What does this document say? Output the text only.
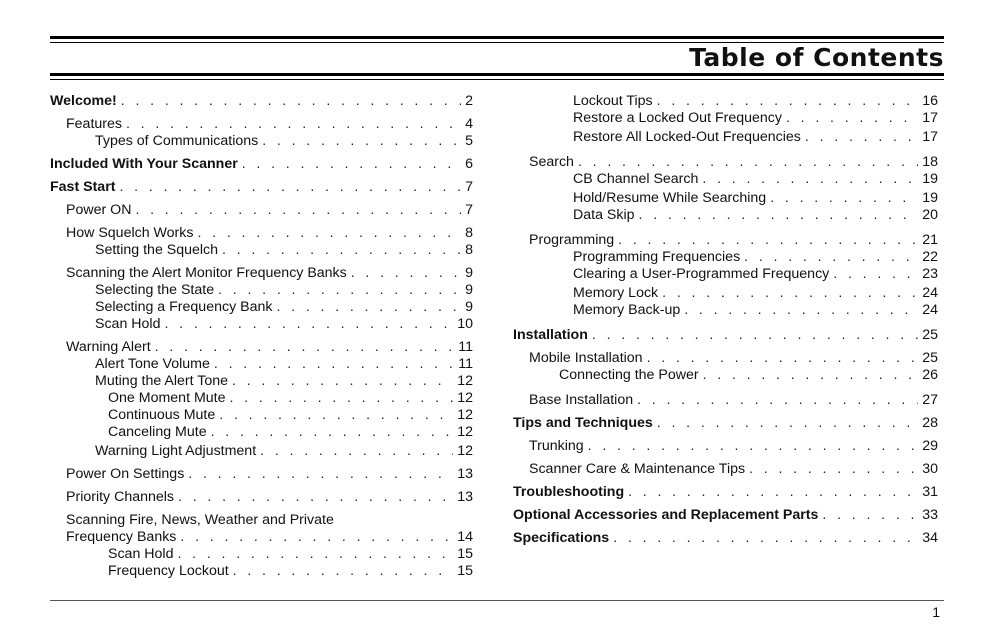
Table of Contents
Welcome! . . .	2
Features . . .	4
Types of Communications . . .	5
Included With Your Scanner . . .	6
Fast Start . . .	7
Power ON . . .	7
How Squelch Works . . .	8
Setting the Squelch . . .	8
Scanning the Alert Monitor Frequency Banks . . .	9
Selecting the State . . .	9
Selecting a Frequency Bank . . .	9
Scan Hold . . .	10
Warning Alert . . .	11
Alert Tone Volume . . .	11
Muting the Alert Tone . . .	12
One Moment Mute . . .	12
Continuous Mute . . .	12
Canceling Mute . . .	12
Warning Light Adjustment . . .	12
Power On Settings . . .	13
Priority Channels . . .	13
Scanning Fire, News, Weather and Private
Frequency Banks . . .	14
Scan Hold . . .	15
Frequency Lockout . . .	15
Lockout Tips . . .	16
Restore a Locked Out Frequency . . .	17
Restore All Locked-Out Frequencies . . .	17
Search . . .	18
CB Channel Search . . .	19
Hold/Resume While Searching . . .	19
Data Skip . . .	20
Programming . . .	21
Programming Frequencies . . .	22
Clearing a User-Programmed Frequency . . .	23
Memory Lock . . .	24
Memory Back-up . . .	24
Installation . . .	25
Mobile Installation . . .	25
Connecting the Power . . .	26
Base Installation . . .	27
Tips and Techniques . . .	28
Trunking . . .	29
Scanner Care & Maintenance Tips . . .	30
Troubleshooting . . .	31
Optional Accessories and Replacement Parts . . .	33
Specifications . . .	34
1
